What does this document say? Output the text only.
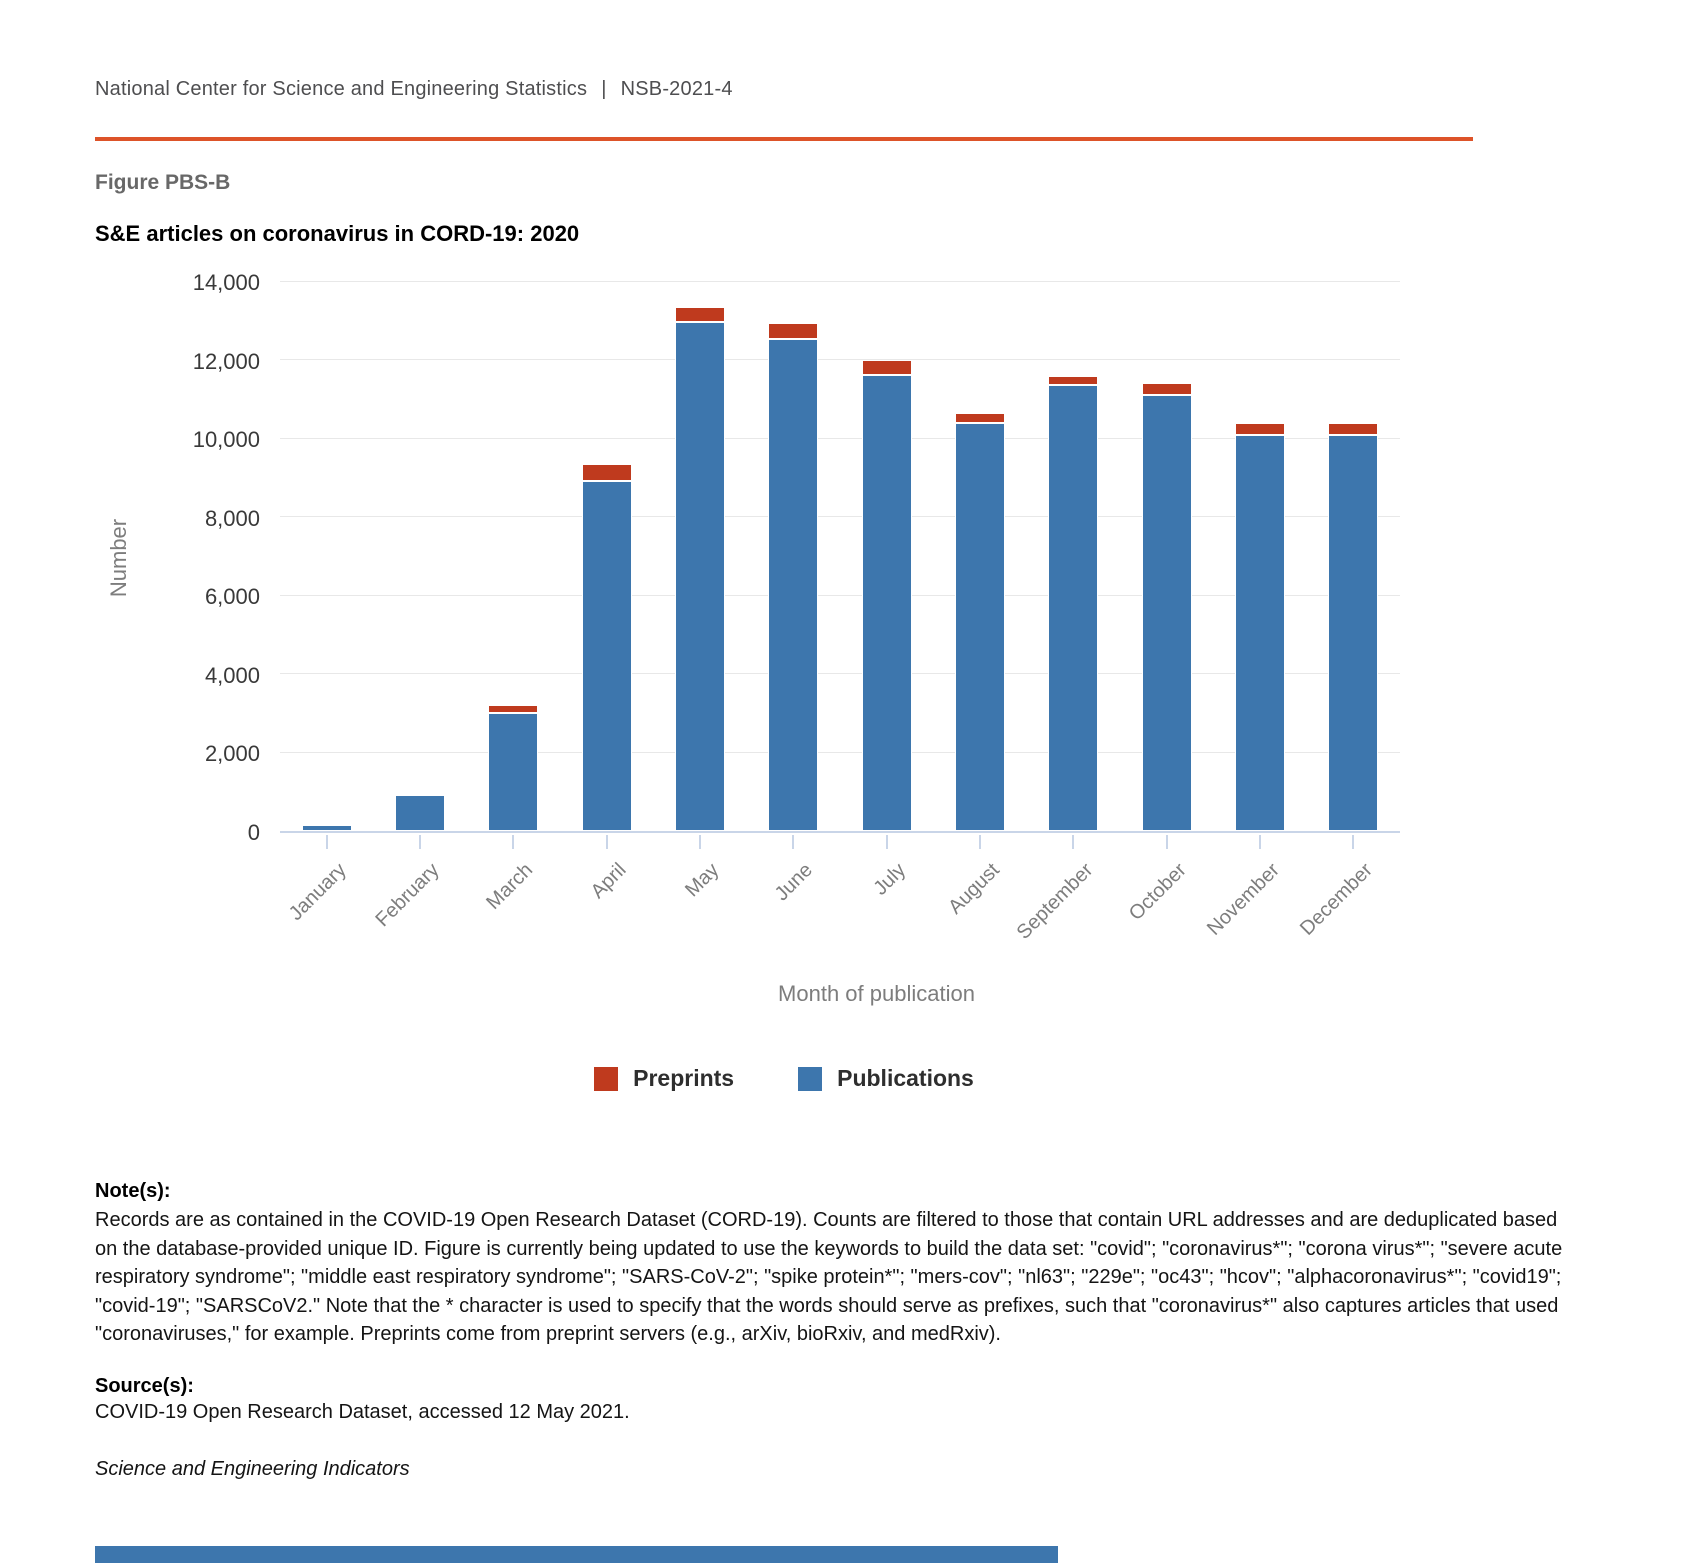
National Center for Science and Engineering Statistics | NSB-2021-4
Figure PBS-B
S&E articles on coronavirus in CORD-19: 2020
Number
0
2,000
4,000
6,000
8,000
10,000
12,000
14,000
January February March April	May June	July August September October November December
Month of publication
Preprints	Publications
Note(s):
Records are as contained in the COVID-19 Open Research Dataset (CORD-19). Counts are filtered to those that contain URL addresses and are deduplicated based on the database-provided unique ID. Figure is currently being updated to use the keywords to build the data set: "covid"; "coronavirus*"; "corona virus*"; "severe acute respiratory syndrome"; "middle east respiratory syndrome"; "SARS-CoV-2"; "spike protein*"; "mers-cov"; "nl63"; "229e"; "oc43"; "hcov"; "alphacoronavirus*"; "covid19"; "covid-19"; "SARSCoV2." Note that the * character is used to specify that the words should serve as prefixes, such that "coronavirus*" also captures articles that used "coronaviruses," for example. Preprints come from preprint servers (e.g., arXiv, bioRxiv, and medRxiv).
Source(s):
COVID-19 Open Research Dataset, accessed 12 May 2021.
Science and Engineering Indicators
